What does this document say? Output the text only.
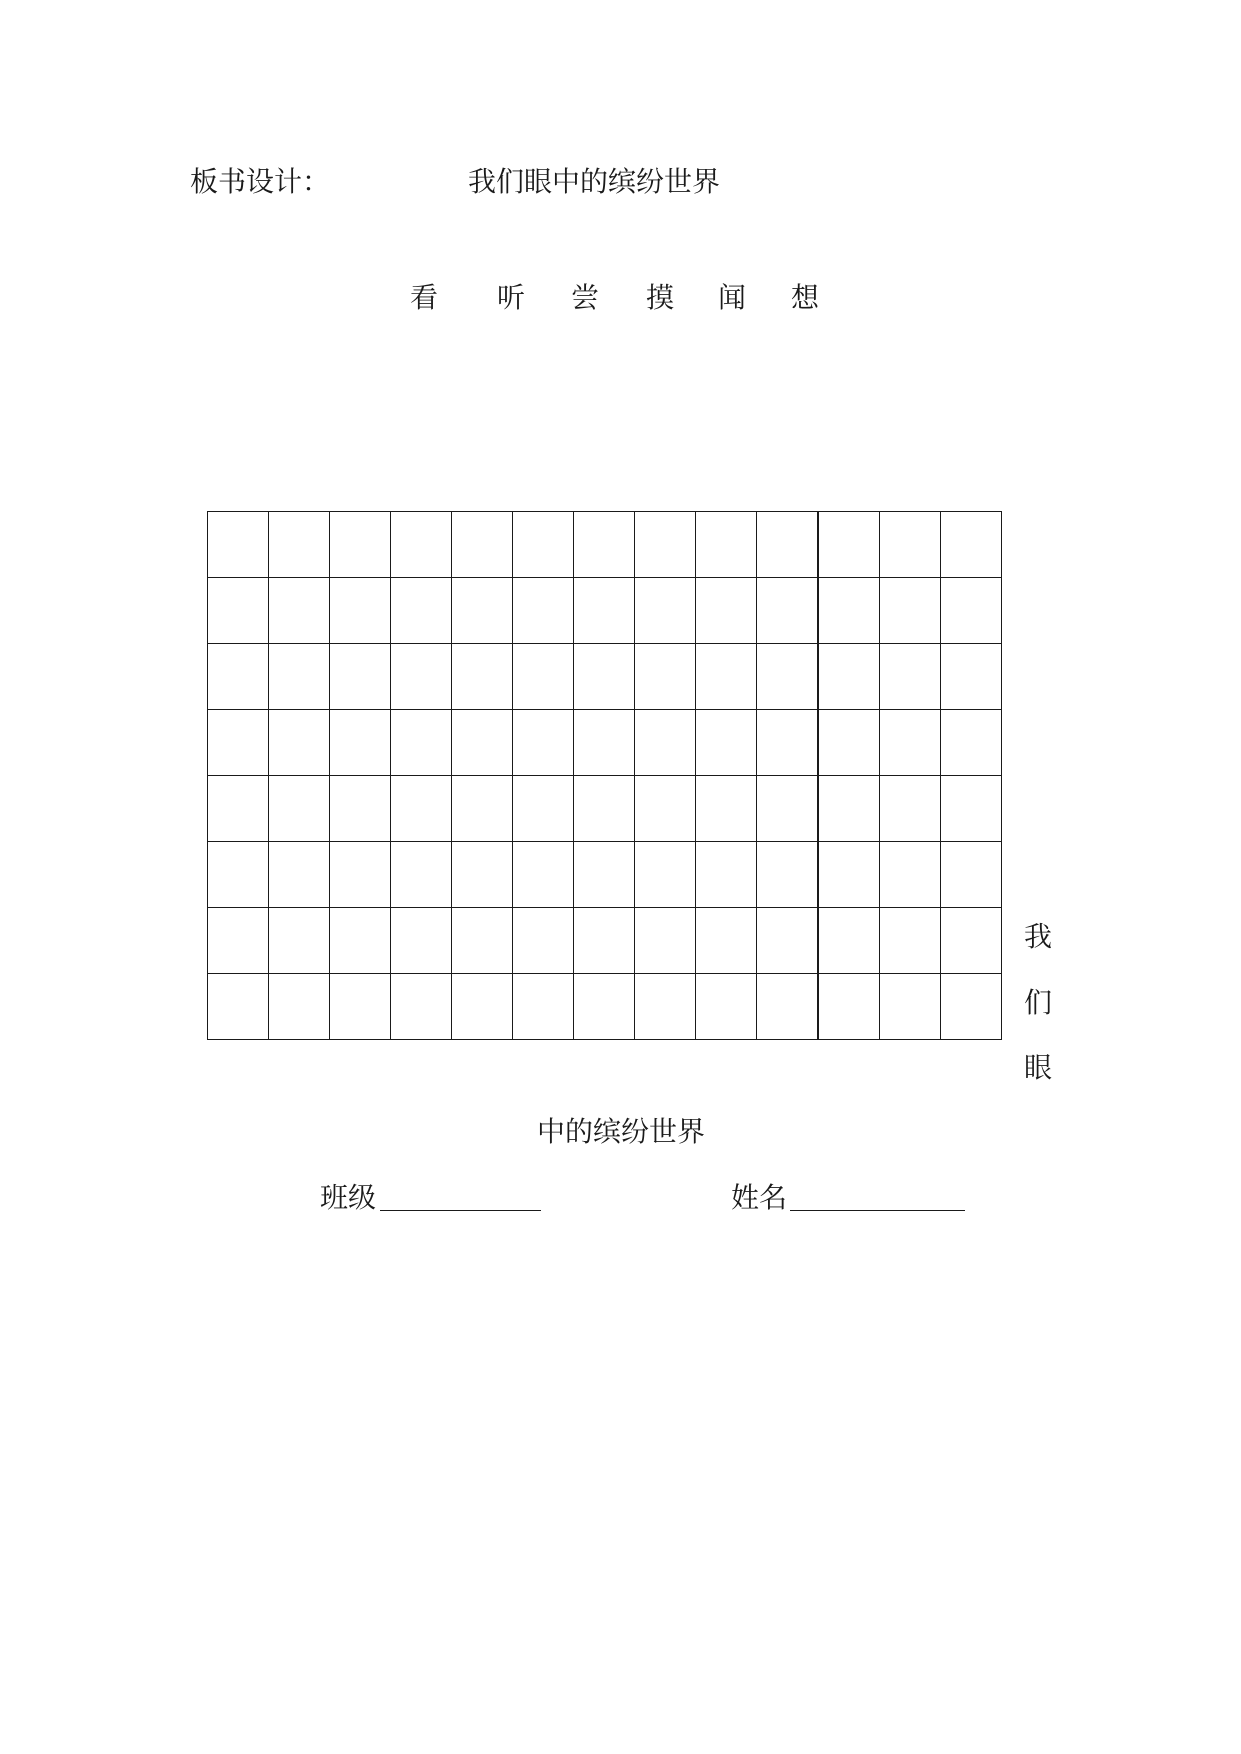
板书设计：	我们眼中的缤纷世界
看 听 尝 摸 闻 想

我
们
眼
中的缤纷世界
班级	姓名
